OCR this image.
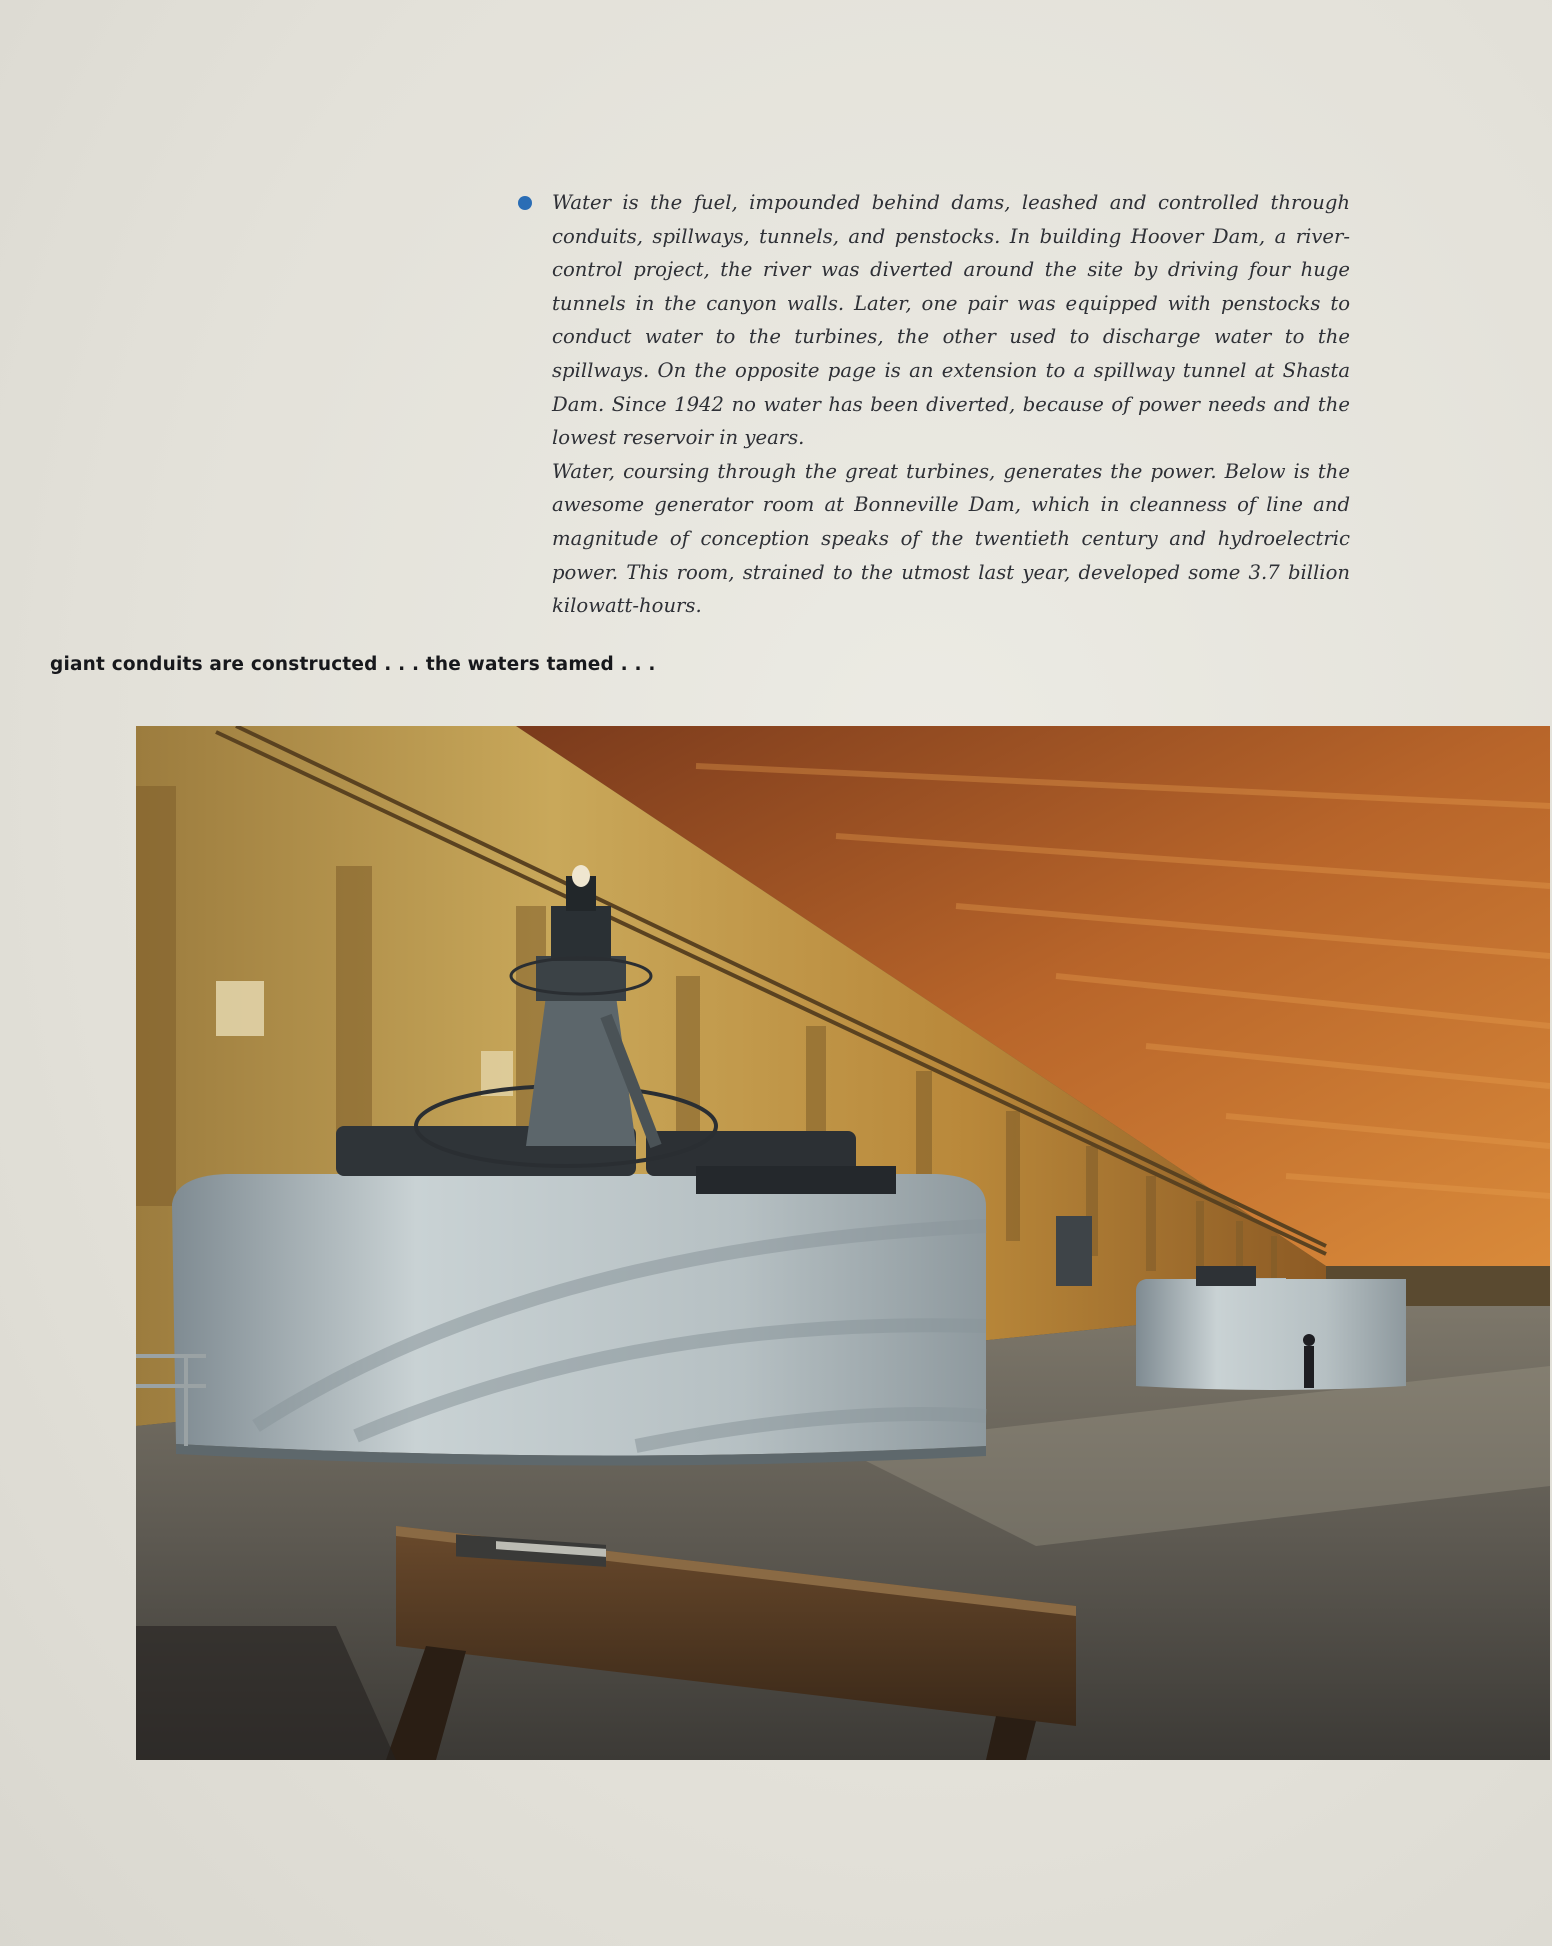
Water is the fuel, impounded behind dams, leashed and controlled through conduits, spillways, tunnels, and penstocks. In building Hoover Dam, a river-control project, the river was diverted around the site by driving four huge tunnels in the canyon walls. Later, one pair was equipped with penstocks to conduct water to the turbines, the other used to discharge water to the spillways. On the opposite page is an extension to a spillway tunnel at Shasta Dam. Since 1942 no water has been diverted, because of power needs and the lowest reservoir in years.

Water, coursing through the great turbines, generates the power. Below is the awesome generator room at Bonneville Dam, which in cleanness of line and magnitude of conception speaks of the twentieth century and hydroelectric power. This room, strained to the utmost last year, developed some 3.7 billion kilowatt-hours.

giant conduits are constructed . . . the waters tamed . . .
